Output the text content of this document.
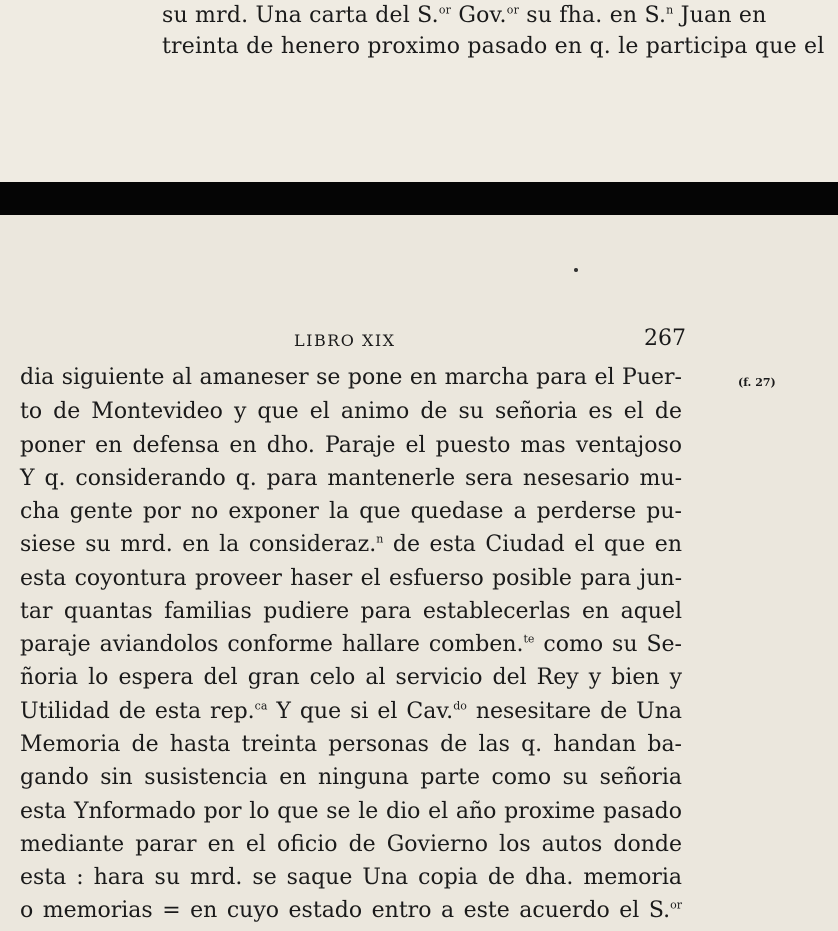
su mrd. Una carta del S.$^{or}$ Gov.$^{or}$ su fha. en S.$^n$ Juan en
treinta de henero proximo pasado en q. le participa que el
LIBRO XIX	267
(f. 27)
dia siguiente al amaneser se pone en marcha para el Puer-
to de Montevideo y que el animo de su señoria es el de
poner en defensa en dho. Paraje el puesto mas ventajoso
Y q. considerando q. para mantenerle sera nesesario mu-
cha gente por no exponer la que quedase a perderse pu-
siese su mrd. en la consideraz.$^n$ de esta Ciudad el que en
esta coyontura proveer haser el esfuerso posible para jun-
tar quantas familias pudiere para establecerlas en aquel
paraje aviandolos conforme hallare comben.$^{te}$ como su Se-
ñoria lo espera del gran celo al servicio del Rey y bien y
Utilidad de esta rep.$^{ca}$ Y que si el Cav.$^{do}$ nesesitare de Una
Memoria de hasta treinta personas de las q. handan ba-
gando sin susistencia en ninguna parte como su señoria
esta Ynformado por lo que se le dio el año proxime pasado
mediante parar en el oficio de Govierno los autos donde
esta : hara su mrd. se saque Una copia de dha. memoria
o memorias = en cuyo estado entro a este acuerdo el S.$^{or}$
